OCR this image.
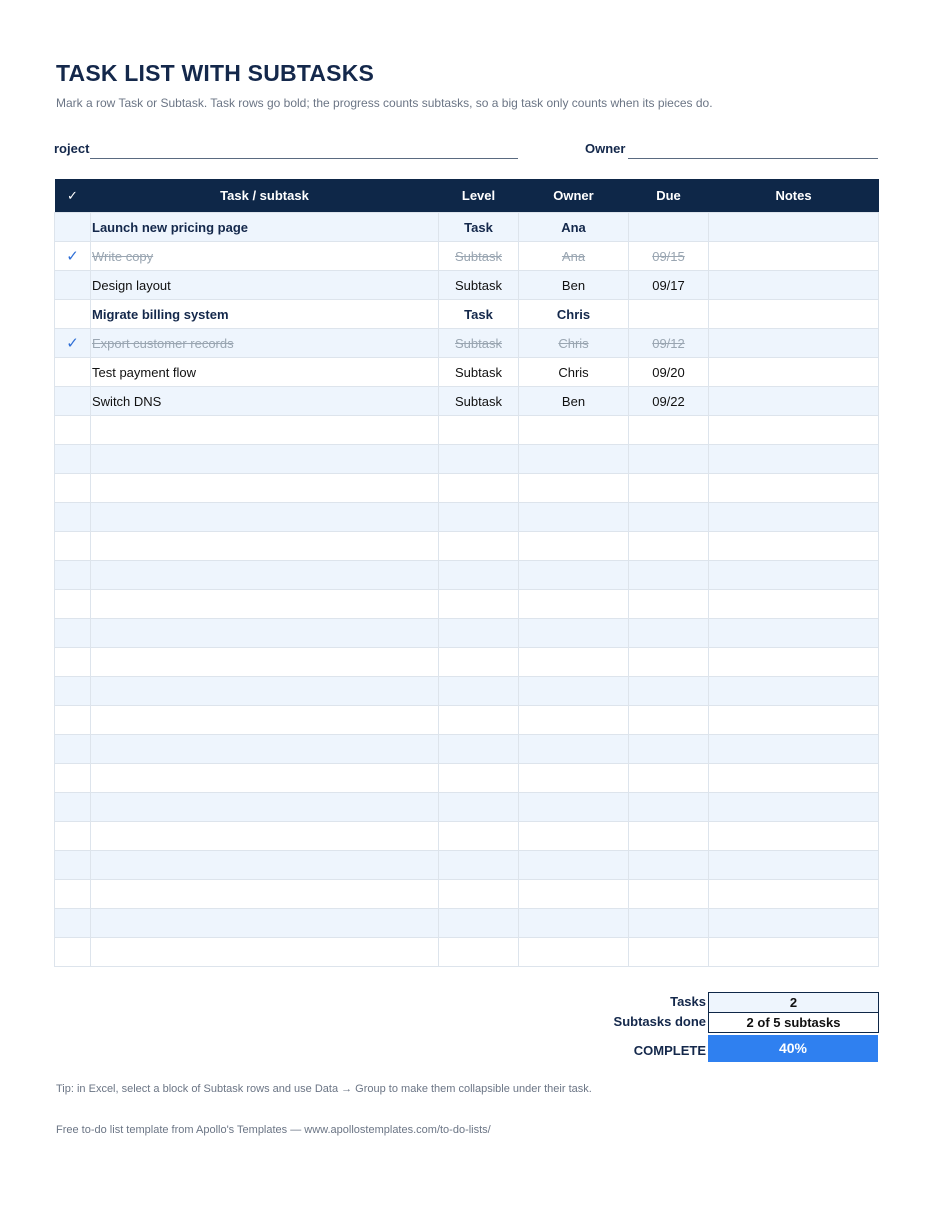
TASK LIST WITH SUBTASKS
Mark a row Task or Subtask. Task rows go bold; the progress counts subtasks, so a big task only counts when its pieces do.
roject	Owner
✓	Task / subtask	Level	Owner	Due	Notes
	Launch new pricing page	Task	Ana		
✓	Write copy	Subtask	Ana	09/15	
	Design layout	Subtask	Ben	09/17	
	Migrate billing system	Task	Chris		
✓	Export customer records	Subtask	Chris	09/12	
	Test payment flow	Subtask	Chris	09/20	
	Switch DNS	Subtask	Ben	09/22	

Tasks	2
Subtasks done	2 of 5 subtasks
COMPLETE	40%
Tip: in Excel, select a block of Subtask rows and use Data → Group to make them collapsible under their task.
Free to-do list template from Apollo's Templates — www.apollostemplates.com/to-do-lists/
